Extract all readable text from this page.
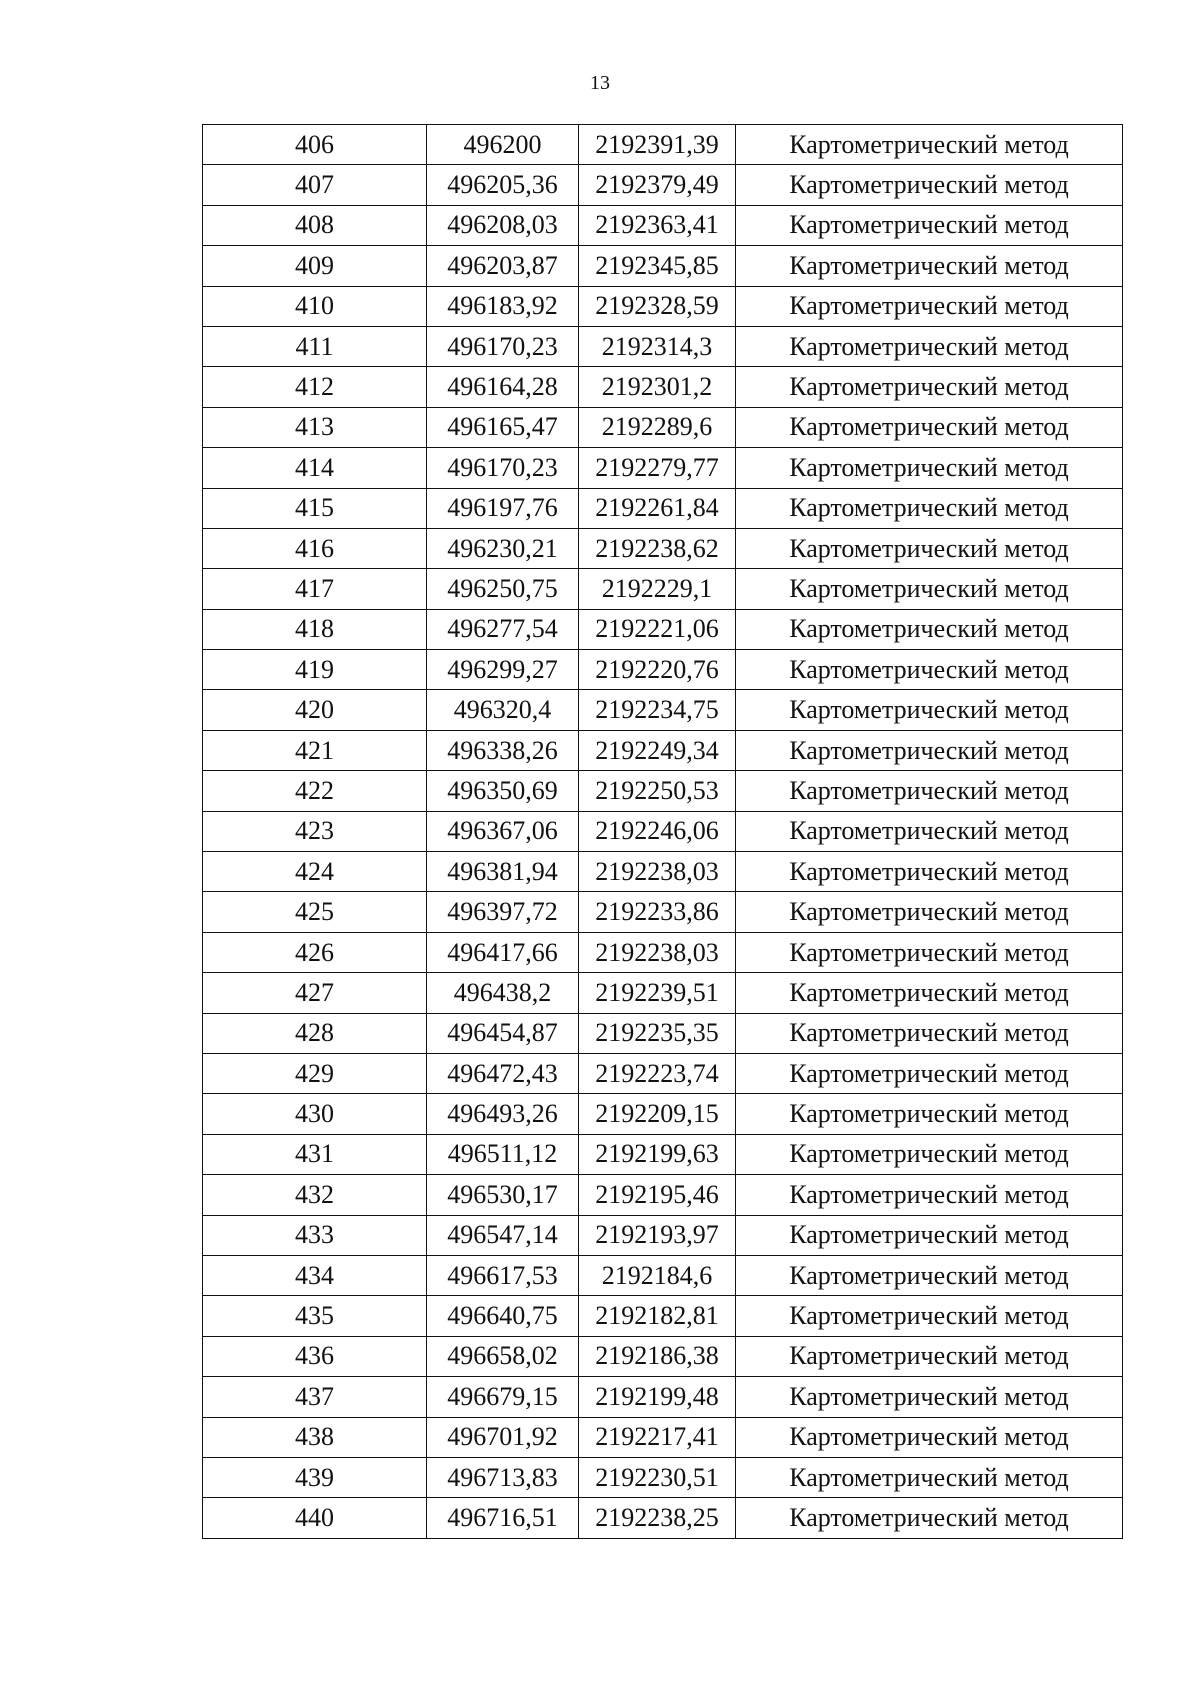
13
406	496200	2192391,39	Картометрический метод
407	496205,36	2192379,49	Картометрический метод
408	496208,03	2192363,41	Картометрический метод
409	496203,87	2192345,85	Картометрический метод
410	496183,92	2192328,59	Картометрический метод
411	496170,23	2192314,3	Картометрический метод
412	496164,28	2192301,2	Картометрический метод
413	496165,47	2192289,6	Картометрический метод
414	496170,23	2192279,77	Картометрический метод
415	496197,76	2192261,84	Картометрический метод
416	496230,21	2192238,62	Картометрический метод
417	496250,75	2192229,1	Картометрический метод
418	496277,54	2192221,06	Картометрический метод
419	496299,27	2192220,76	Картометрический метод
420	496320,4	2192234,75	Картометрический метод
421	496338,26	2192249,34	Картометрический метод
422	496350,69	2192250,53	Картометрический метод
423	496367,06	2192246,06	Картометрический метод
424	496381,94	2192238,03	Картометрический метод
425	496397,72	2192233,86	Картометрический метод
426	496417,66	2192238,03	Картометрический метод
427	496438,2	2192239,51	Картометрический метод
428	496454,87	2192235,35	Картометрический метод
429	496472,43	2192223,74	Картометрический метод
430	496493,26	2192209,15	Картометрический метод
431	496511,12	2192199,63	Картометрический метод
432	496530,17	2192195,46	Картометрический метод
433	496547,14	2192193,97	Картометрический метод
434	496617,53	2192184,6	Картометрический метод
435	496640,75	2192182,81	Картометрический метод
436	496658,02	2192186,38	Картометрический метод
437	496679,15	2192199,48	Картометрический метод
438	496701,92	2192217,41	Картометрический метод
439	496713,83	2192230,51	Картометрический метод
440	496716,51	2192238,25	Картометрический метод
